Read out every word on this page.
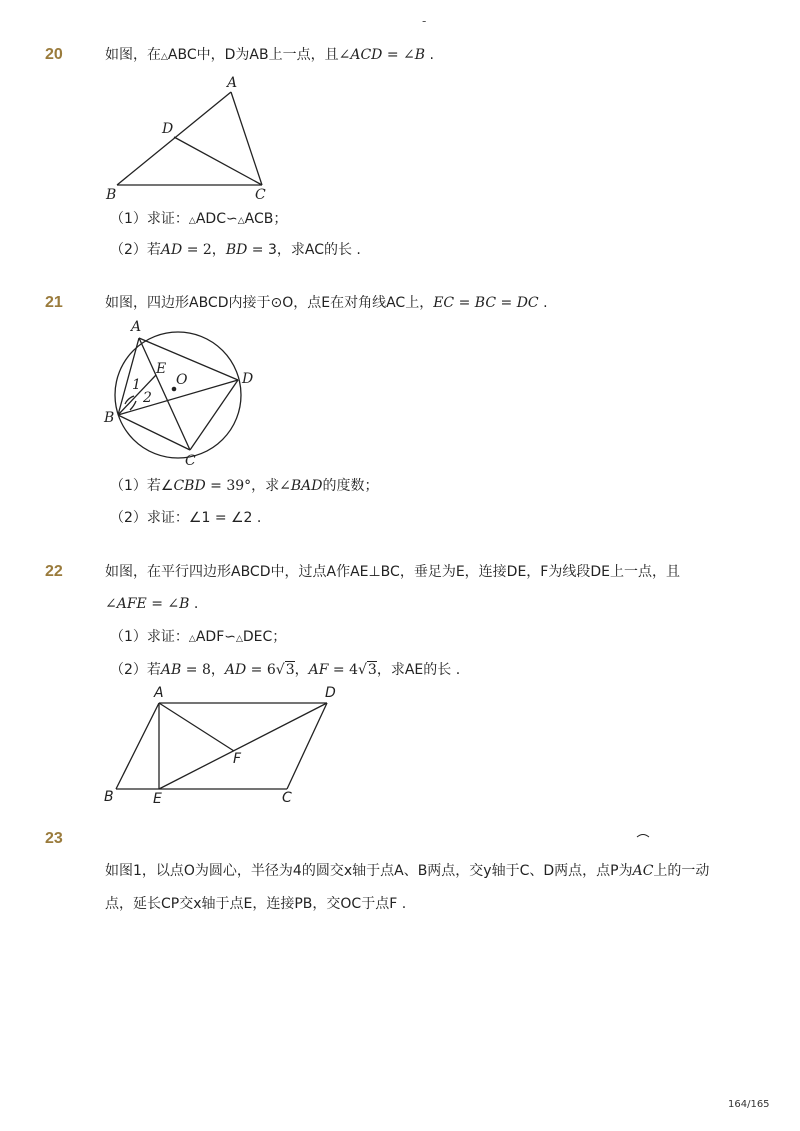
-
20	如图，在△ABC中，D为AB上一点，且∠ACD = ∠B .
A
B	C
D
（1）求证：△ADC∽△ACB；
（2）若AD = 2，BD = 3，求AC的长 .
21	如图，四边形ABCD内接于⊙O，点E在对角线AC上，EC = BC = DC .
A
B
C
D
E
O
1
2
（1）若∠CBD = 39°，求∠BAD的度数；
（2）求证：∠1 = ∠2 .
22	如图，在平行四边形ABCD中，过点A作AE⊥BC，垂足为E，连接DE，F为线段DE上一点，且
∠AFE = ∠B .
（1）求证：△ADF∽△DEC；
（2）若AB = 8，AD = 6√3，AF = 4√3，求AE的长 .
A
B	C
D
E
F
23
如图1，以点O为圆心，半径为4的圆交x轴于点A、B两点，交y轴于C、D两点，点P为AC上的一动
点，延长CP交x轴于点E，连接PB，交OC于点F .
164/165
